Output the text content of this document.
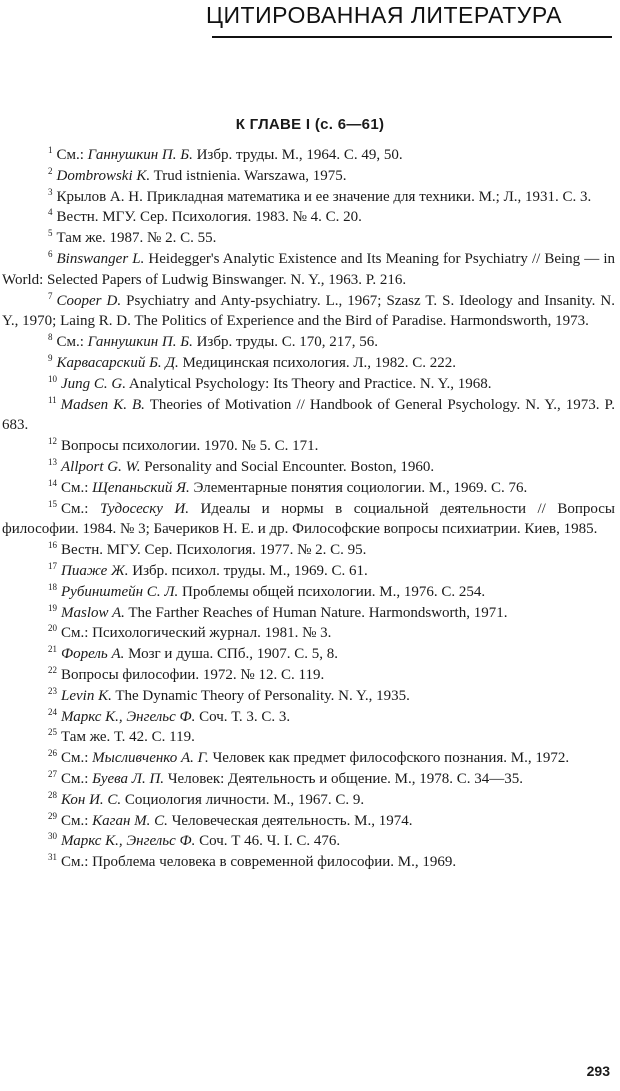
ЦИТИРОВАННАЯ ЛИТЕРАТУРА
К ГЛАВЕ I (с. 6—61)
$^1$ См.: Ганнушкин П. Б. Избр. труды. М., 1964. С. 49, 50.
$^2$ Dombrowski K. Trud istnienia. Warszawa, 1975.
$^3$ Крылов А. Н. Прикладная математика и ее значение для техники. М.; Л., 1931. С. 3.
$^4$ Вестн. МГУ. Сер. Психология. 1983. № 4. С. 20.
$^5$ Там же. 1987. № 2. С. 55.
$^6$ Binswanger L. Heidegger's Analytic Existence and Its Meaning for Psychiatry // Being — in World: Selected Papers of Ludwig Binswanger. N. Y., 1963. P. 216.
$^7$ Cooper D. Psychiatry and Anty-psychiatry. L., 1967; Szasz T. S. Ideology and Insanity. N. Y., 1970; Laing R. D. The Politics of Experience and the Bird of Paradise. Harmondsworth, 1973.
$^8$ См.: Ганнушкин П. Б. Избр. труды. С. 170, 217, 56.
$^9$ Карвасарский Б. Д. Медицинская психология. Л., 1982. С. 222.
$^{10}$ Jung C. G. Analytical Psychology: Its Theory and Practice. N. Y., 1968.
$^{11}$ Madsen K. B. Theories of Motivation // Handbook of General Psychology. N. Y., 1973. P. 683.
$^{12}$ Вопросы психологии. 1970. № 5. С. 171.
$^{13}$ Allport G. W. Personality and Social Encounter. Boston, 1960.
$^{14}$ См.: Щепаньский Я. Элементарные понятия социологии. М., 1969. С. 76.
$^{15}$ См.: Тудосеску И. Идеалы и нормы в социальной деятельности // Вопросы философии. 1984. № 3; Бачериков Н. Е. и др. Философские вопросы психиатрии. Киев, 1985.
$^{16}$ Вестн. МГУ. Сер. Психология. 1977. № 2. С. 95.
$^{17}$ Пиаже Ж. Избр. психол. труды. М., 1969. С. 61.
$^{18}$ Рубинштейн С. Л. Проблемы общей психологии. М., 1976. С. 254.
$^{19}$ Maslow A. The Farther Reaches of Human Nature. Harmondsworth, 1971.
$^{20}$ См.: Психологический журнал. 1981. № 3.
$^{21}$ Форель А. Мозг и душа. СПб., 1907. С. 5, 8.
$^{22}$ Вопросы философии. 1972. № 12. С. 119.
$^{23}$ Levin K. The Dynamic Theory of Personality. N. Y., 1935.
$^{24}$ Маркс К., Энгельс Ф. Соч. Т. 3. С. 3.
$^{25}$ Там же. Т. 42. С. 119.
$^{26}$ См.: Мысливченко А. Г. Человек как предмет философского познания. М., 1972.
$^{27}$ См.: Буева Л. П. Человек: Деятельность и общение. М., 1978. С. 34—35.
$^{28}$ Кон И. С. Социология личности. М., 1967. С. 9.
$^{29}$ См.: Каган М. С. Человеческая деятельность. М., 1974.
$^{30}$ Маркс К., Энгельс Ф. Соч. Т 46. Ч. I. С. 476.
$^{31}$ См.: Проблема человека в современной философии. М., 1969.
293
